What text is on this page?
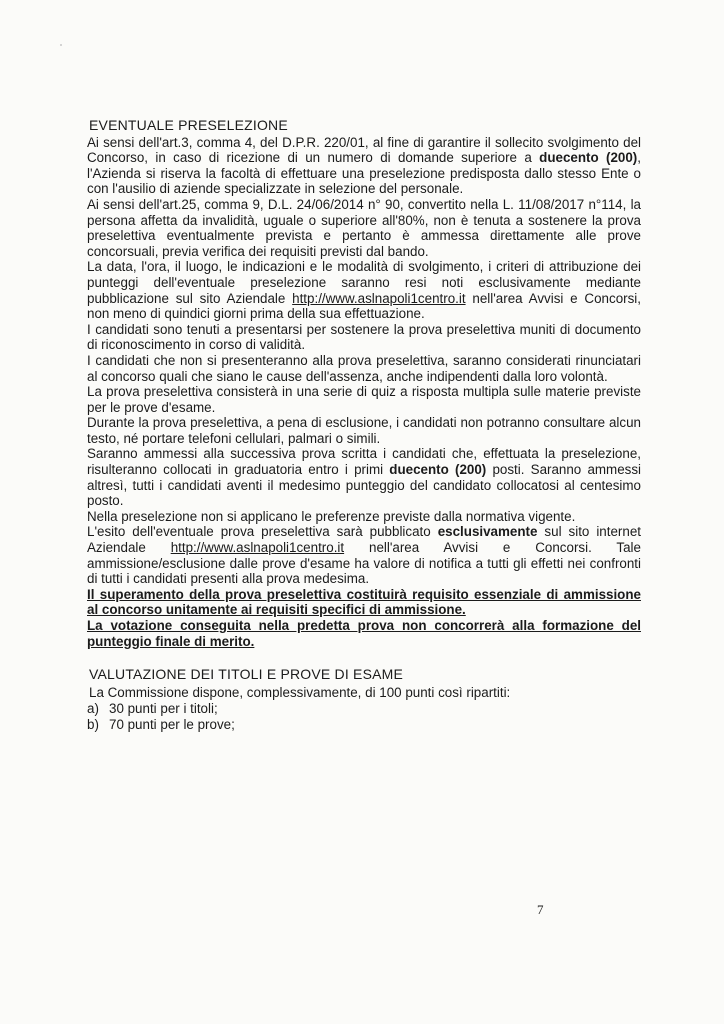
EVENTUALE PRESELEZIONE

Ai sensi dell'art.3, comma 4, del D.P.R. 220/01, al fine di garantire il sollecito svolgimento del Concorso, in caso di ricezione di un numero di domande superiore a duecento (200), l'Azienda si riserva la facoltà di effettuare una preselezione predisposta dallo stesso Ente o con l'ausilio di aziende specializzate in selezione del personale.

Ai sensi dell'art.25, comma 9, D.L. 24/06/2014 n° 90, convertito nella L. 11/08/2017 n°114, la persona affetta da invalidità, uguale o superiore all'80%, non è tenuta a sostenere la prova preselettiva eventualmente prevista e pertanto è ammessa direttamente alle prove concorsuali, previa verifica dei requisiti previsti dal bando.

La data, l'ora, il luogo, le indicazioni e le modalità di svolgimento, i criteri di attribuzione dei punteggi dell'eventuale preselezione saranno resi noti esclusivamente mediante pubblicazione sul sito Aziendale http://www.aslnapoli1centro.it nell'area Avvisi e Concorsi, non meno di quindici giorni prima della sua effettuazione.

I candidati sono tenuti a presentarsi per sostenere la prova preselettiva muniti di documento di riconoscimento in corso di validità.

I candidati che non si presenteranno alla prova preselettiva, saranno considerati rinunciatari al concorso quali che siano le cause dell'assenza, anche indipendenti dalla loro volontà.

La prova preselettiva consisterà in una serie di quiz a risposta multipla sulle materie previste per le prove d'esame.

Durante la prova preselettiva, a pena di esclusione, i candidati non potranno consultare alcun testo, né portare telefoni cellulari, palmari o simili.

Saranno ammessi alla successiva prova scritta i candidati che, effettuata la preselezione, risulteranno collocati in graduatoria entro i primi duecento (200) posti. Saranno ammessi altresì, tutti i candidati aventi il medesimo punteggio del candidato collocatosi al centesimo posto.

Nella preselezione non si applicano le preferenze previste dalla normativa vigente.

L'esito dell'eventuale prova preselettiva sarà pubblicato esclusivamente sul sito internet Aziendale http://www.aslnapoli1centro.it nell'area Avvisi e Concorsi. Tale ammissione/esclusione dalle prove d'esame ha valore di notifica a tutti gli effetti nei confronti di tutti i candidati presenti alla prova medesima.

Il superamento della prova preselettiva costituirà requisito essenziale di ammissione al concorso unitamente ai requisiti specifici di ammissione.

La votazione conseguita nella predetta prova non concorrerà alla formazione del punteggio finale di merito.

VALUTAZIONE DEI TITOLI E PROVE DI ESAME

La Commissione dispone, complessivamente, di 100 punti così ripartiti:

a) 30 punti per i titoli;
b) 70 punti per le prove;
7
